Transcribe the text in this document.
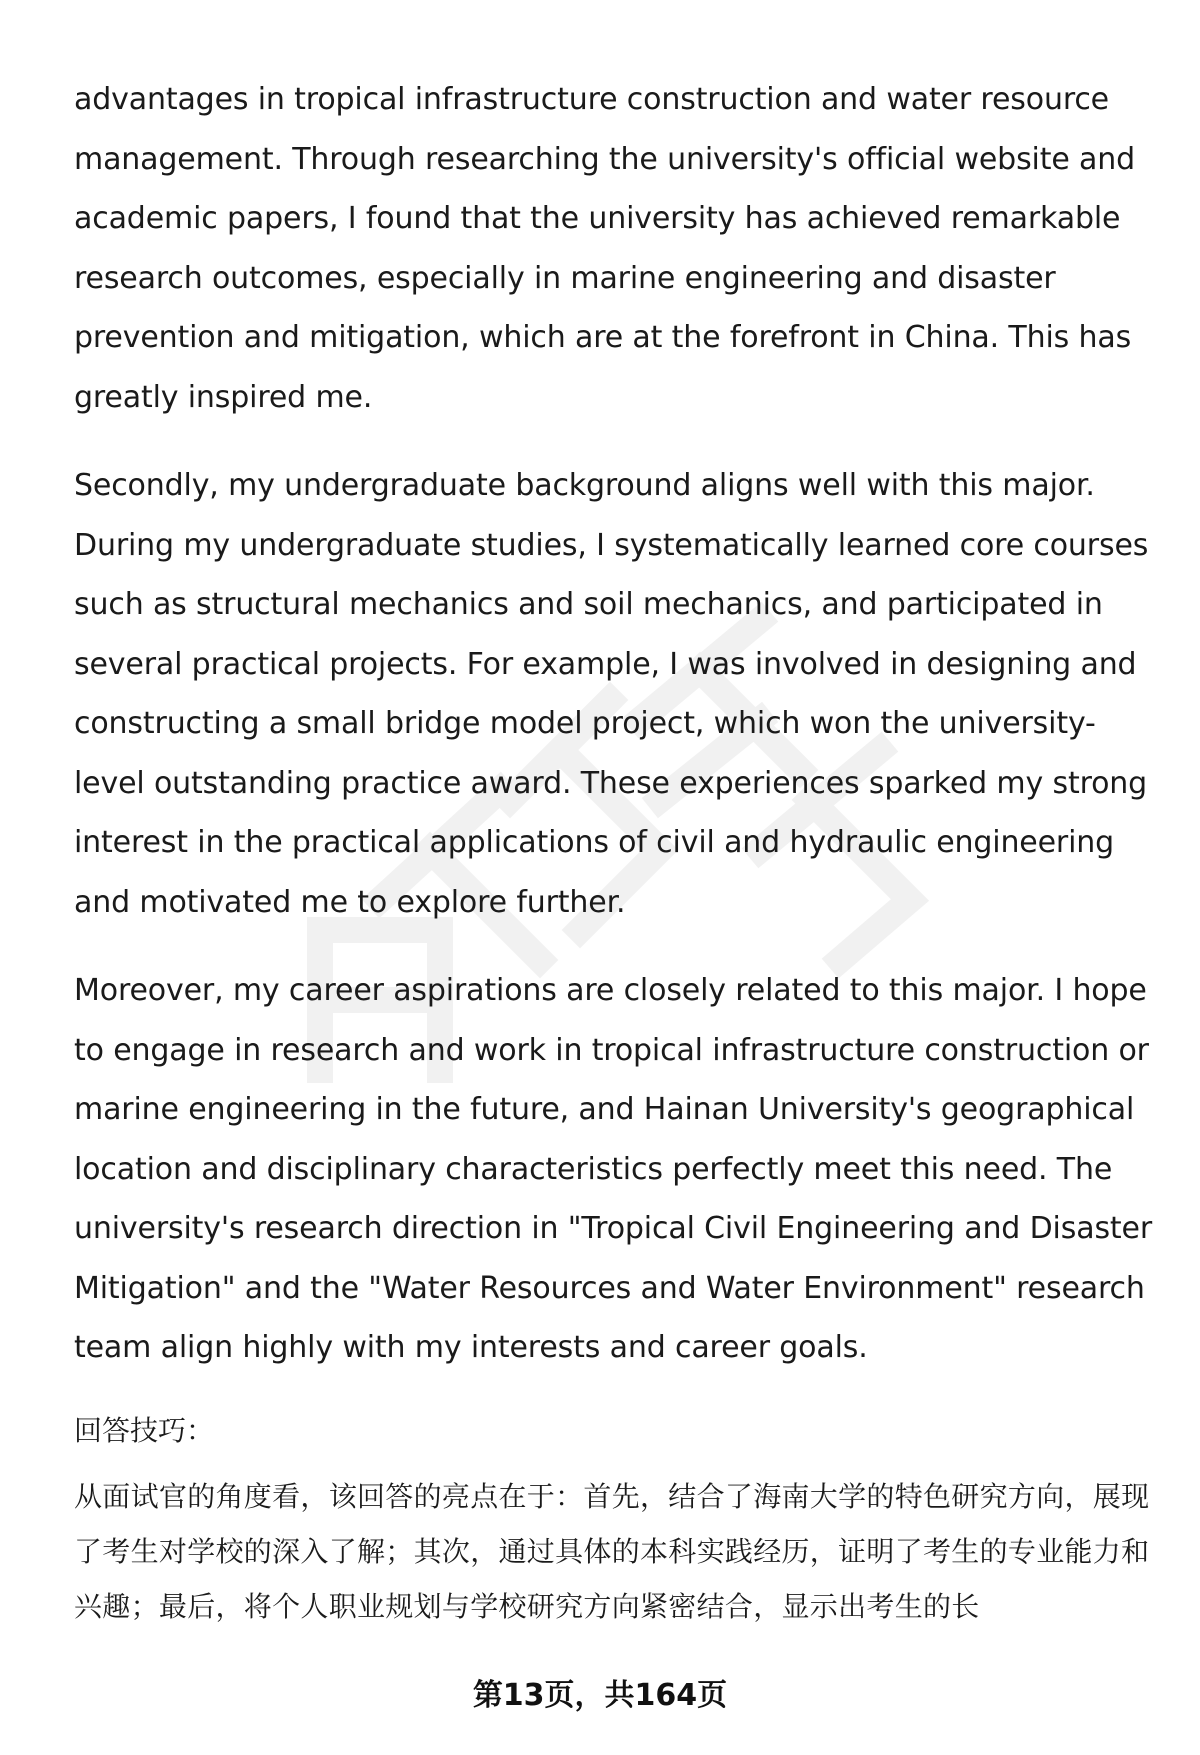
advantages in tropical infrastructure construction and water resource management. Through researching the university's official website and academic papers, I found that the university has achieved remarkable research outcomes, especially in marine engineering and disaster prevention and mitigation, which are at the forefront in China. This has greatly inspired me.

Secondly, my undergraduate background aligns well with this major. During my undergraduate studies, I systematically learned core courses such as structural mechanics and soil mechanics, and participated in several practical projects. For example, I was involved in designing and constructing a small bridge model project, which won the university-level outstanding practice award. These experiences sparked my strong interest in the practical applications of civil and hydraulic engineering and motivated me to explore further.

Moreover, my career aspirations are closely related to this major. I hope to engage in research and work in tropical infrastructure construction or marine engineering in the future, and Hainan University's geographical location and disciplinary characteristics perfectly meet this need. The university's research direction in "Tropical Civil Engineering and Disaster Mitigation" and the "Water Resources and Water Environment" research team align highly with my interests and career goals.

回答技巧：

从面试官的角度看，该回答的亮点在于：首先，结合了海南大学的特色研究方向，展现了考生对学校的深入了解；其次，通过具体的本科实践经历，证明了考生的专业能力和兴趣；最后，将个人职业规划与学校研究方向紧密结合，显示出考生的长

第13页，共164页
